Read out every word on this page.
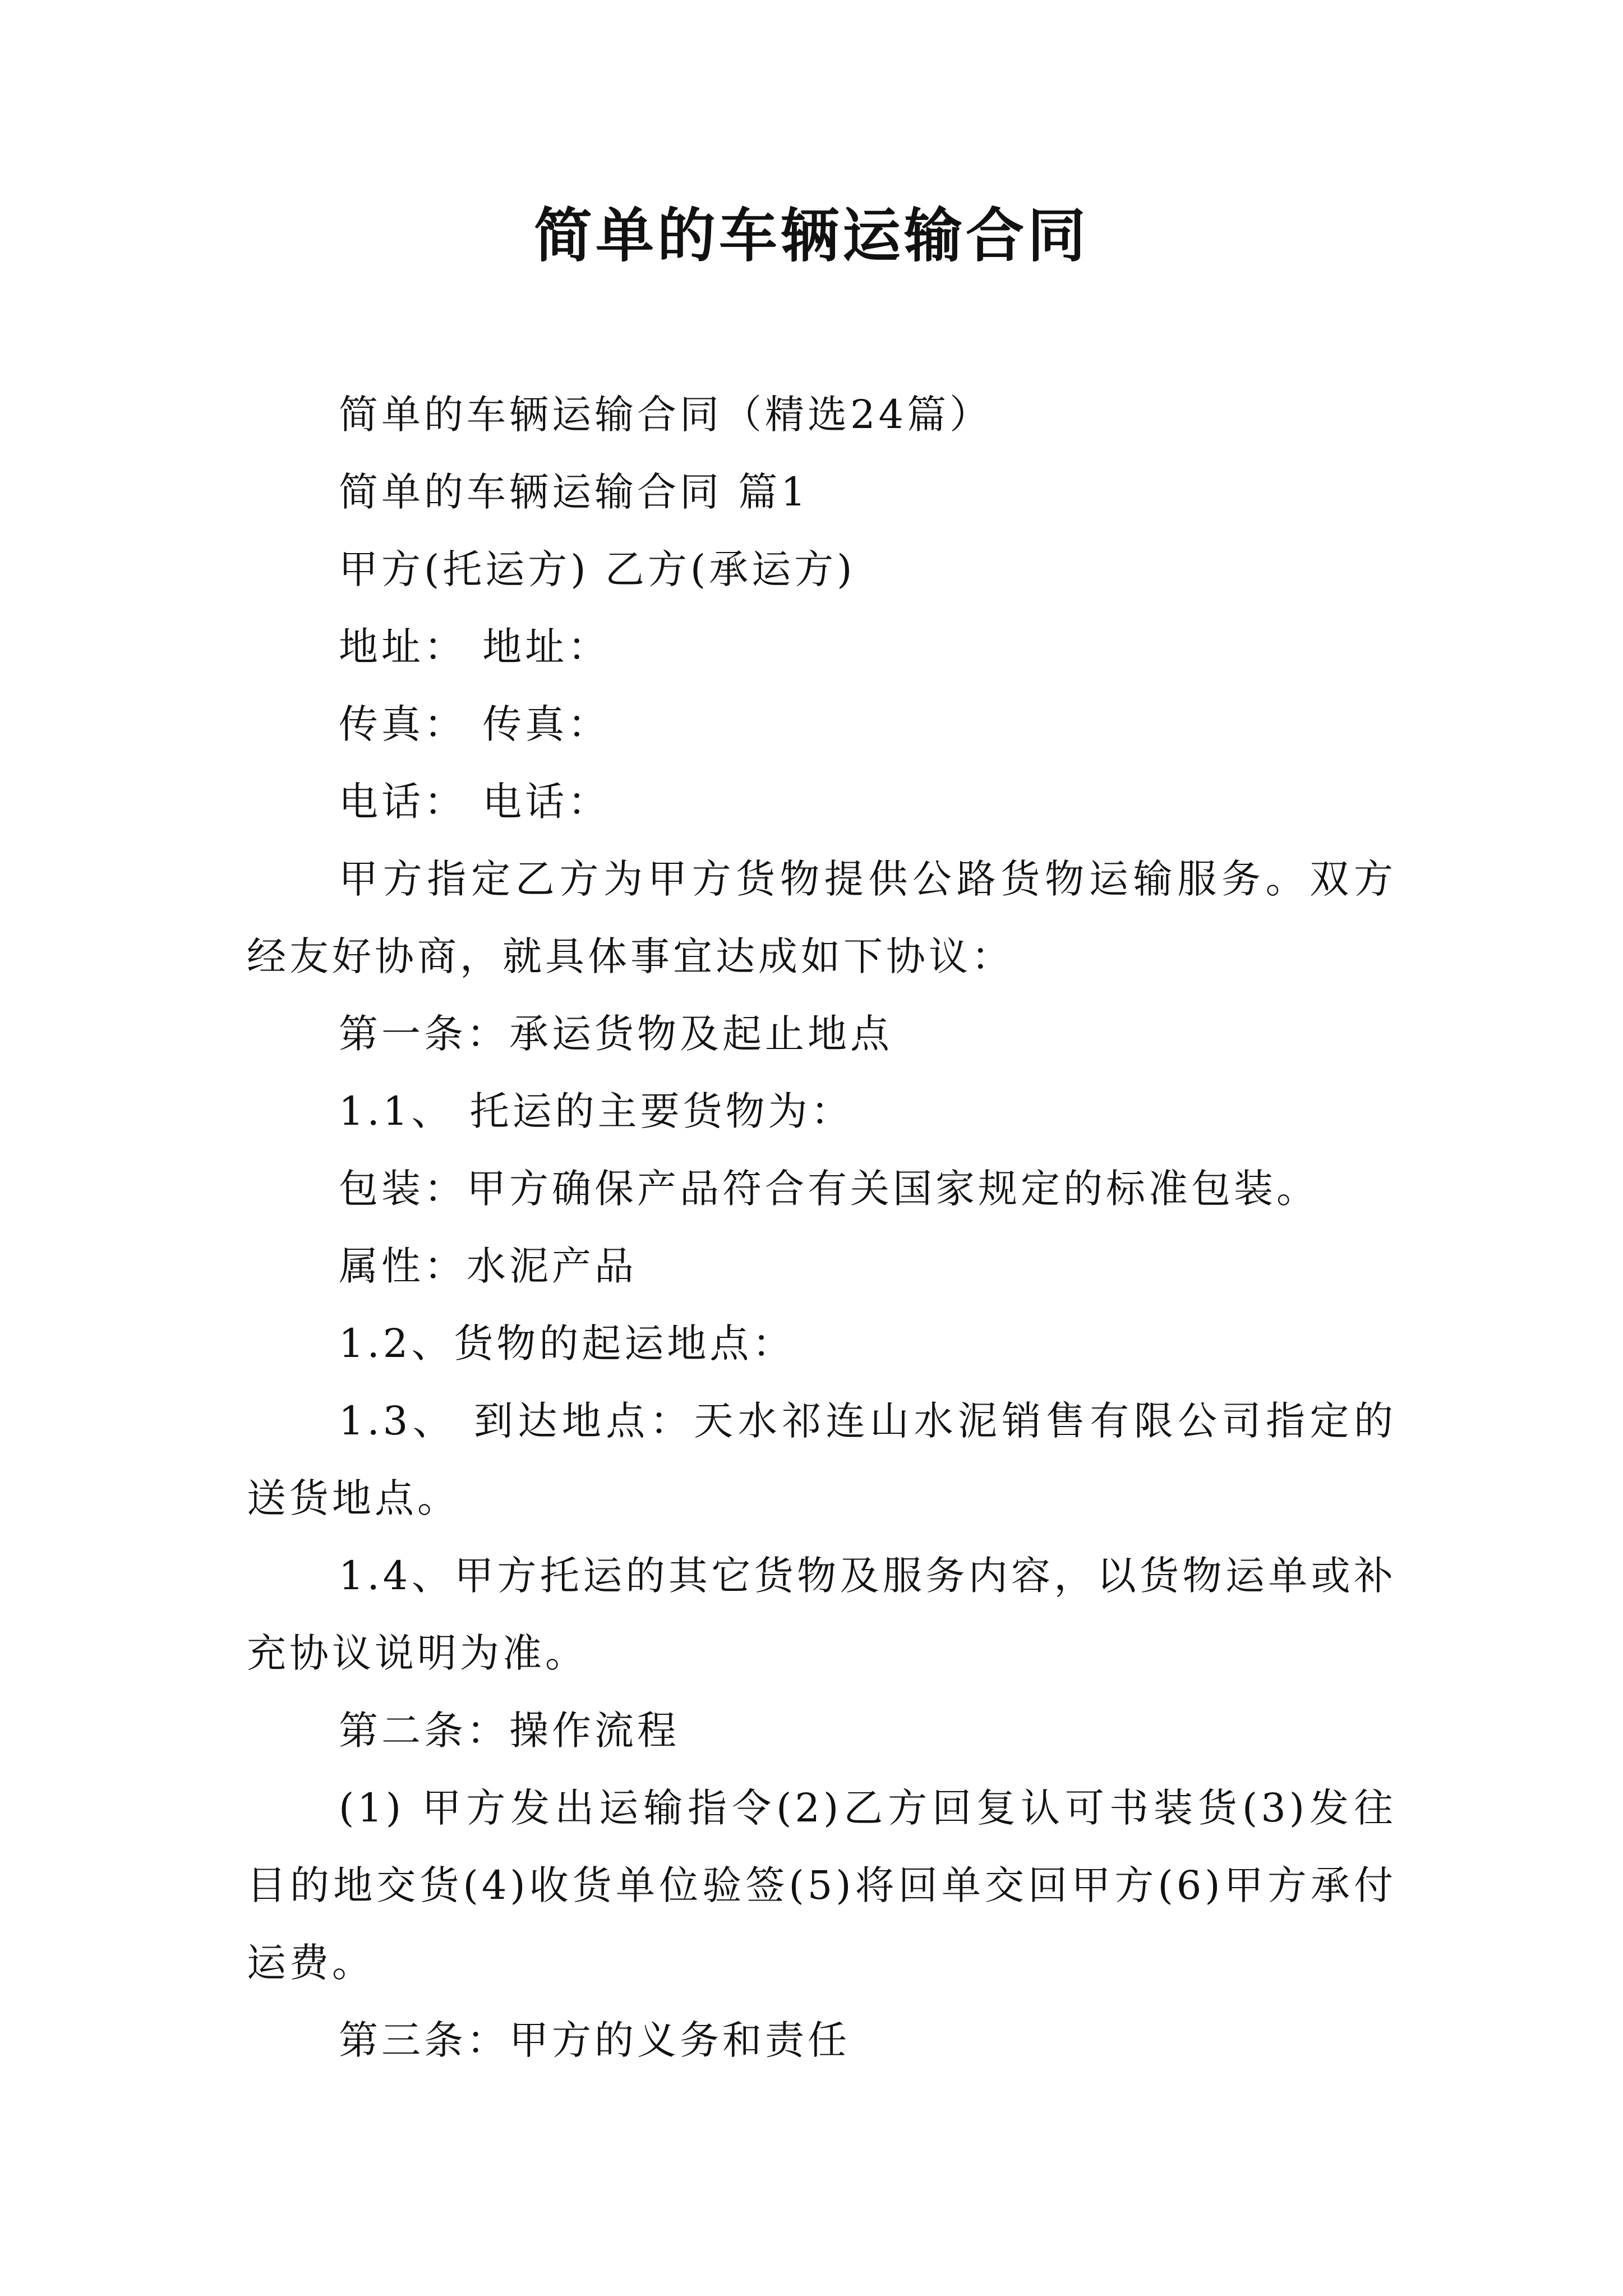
简单的车辆运输合同

简单的车辆运输合同（精选24篇）

简单的车辆运输合同 篇1

甲方(托运方) 乙方(承运方)

地址： 地址：

传真： 传真：

电话： 电话：

甲方指定乙方为甲方货物提供公路货物运输服务。双方经友好协商，就具体事宜达成如下协议：

第一条：承运货物及起止地点

1.1、 托运的主要货物为：

包装：甲方确保产品符合有关国家规定的标准包装。

属性：水泥产品

1.2、货物的起运地点：

1.3、 到达地点：天水祁连山水泥销售有限公司指定的送货地点。

1.4、甲方托运的其它货物及服务内容，以货物运单或补充协议说明为准。

第二条：操作流程

(1) 甲方发出运输指令(2)乙方回复认可书装货(3)发往目的地交货(4)收货单位验签(5)将回单交回甲方(6)甲方承付运费。

第三条：甲方的义务和责任
